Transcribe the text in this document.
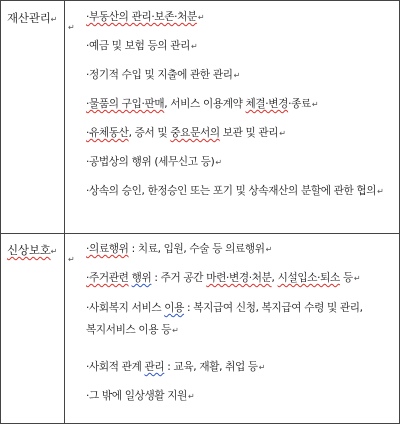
재산관리↵
↵
·부동산의 관리·보존·처분↵
·예금 및 보험 등의 관리↵
·정기적 수입 및 지출에 관한 관리↵
·물품의 구입·판매, 서비스 이용계약 체결·변경·종료↵
·유체동산, 증서 및 중요문서의 보관 및 관리↵
·공법상의 행위 (세무신고 등)↵
·상속의 승인, 한정승인 또는 포기 및 상속재산의 분할에 관한 협의↵
신상보호↵
↵
·의료행위 : 치료, 입원, 수술 등 의료행위↵
·주거관련 행위 : 주거 공간 마련·변경·처분, 시설입소·퇴소 등↵
·사회복지 서비스 이용 : 복지급여 신청, 복지급여 수령 및 관리, 복지서비스 이용 등↵
·사회적 관계 관리 : 교육, 재활, 취업 등↵
·그 밖에 일상생활 지원↵
